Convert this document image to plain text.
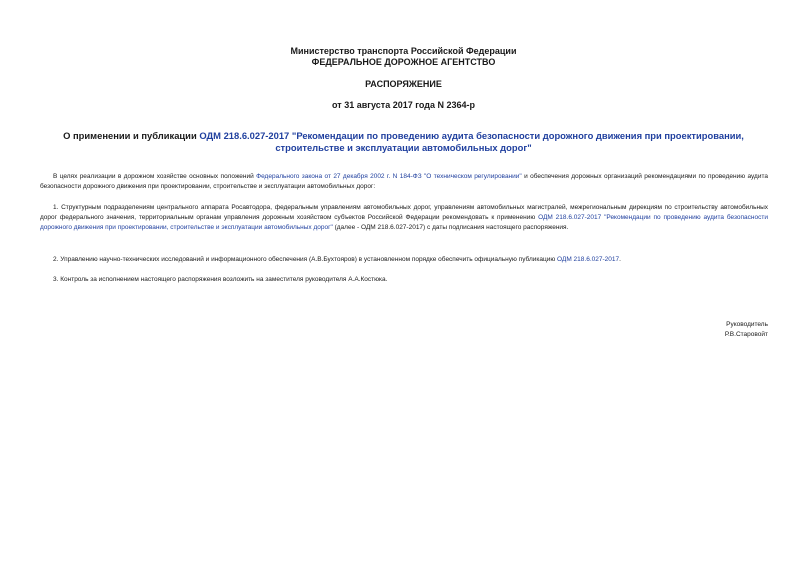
Министерство транспорта Российской Федерации
ФЕДЕРАЛЬНОЕ ДОРОЖНОЕ АГЕНТСТВО
РАСПОРЯЖЕНИЕ
от 31 августа 2017 года N 2364-р
О применении и публикации ОДМ 218.6.027-2017 "Рекомендации по проведению аудита безопасности дорожного движения при проектировании, строительстве и эксплуатации автомобильных дорог"
В целях реализации в дорожном хозяйстве основных положений Федерального закона от 27 декабря 2002 г. N 184-ФЗ "О техническом регулировании" и обеспечения дорожных организаций рекомендациями по проведению аудита безопасности дорожного движения при проектировании, строительстве и эксплуатации автомобильных дорог:
1. Структурным подразделениям центрального аппарата Росавтодора, федеральным управлениям автомобильных дорог, управлениям автомобильных магистралей, межрегиональным дирекциям по строительству автомобильных дорог федерального значения, территориальным органам управления дорожным хозяйством субъектов Российской Федерации рекомендовать к применению ОДМ 218.6.027-2017 "Рекомендации по проведению аудита безопасности дорожного движения при проектировании, строительстве и эксплуатации автомобильных дорог" (далее - ОДМ 218.6.027-2017) с даты подписания настоящего распоряжения.
2. Управлению научно-технических исследований и информационного обеспечения (А.В.Бухтояров) в установленном порядке обеспечить официальную публикацию ОДМ 218.6.027-2017.
3. Контроль за исполнением настоящего распоряжения возложить на заместителя руководителя А.А.Костюка.
Руководитель
Р.В.Старовойт
